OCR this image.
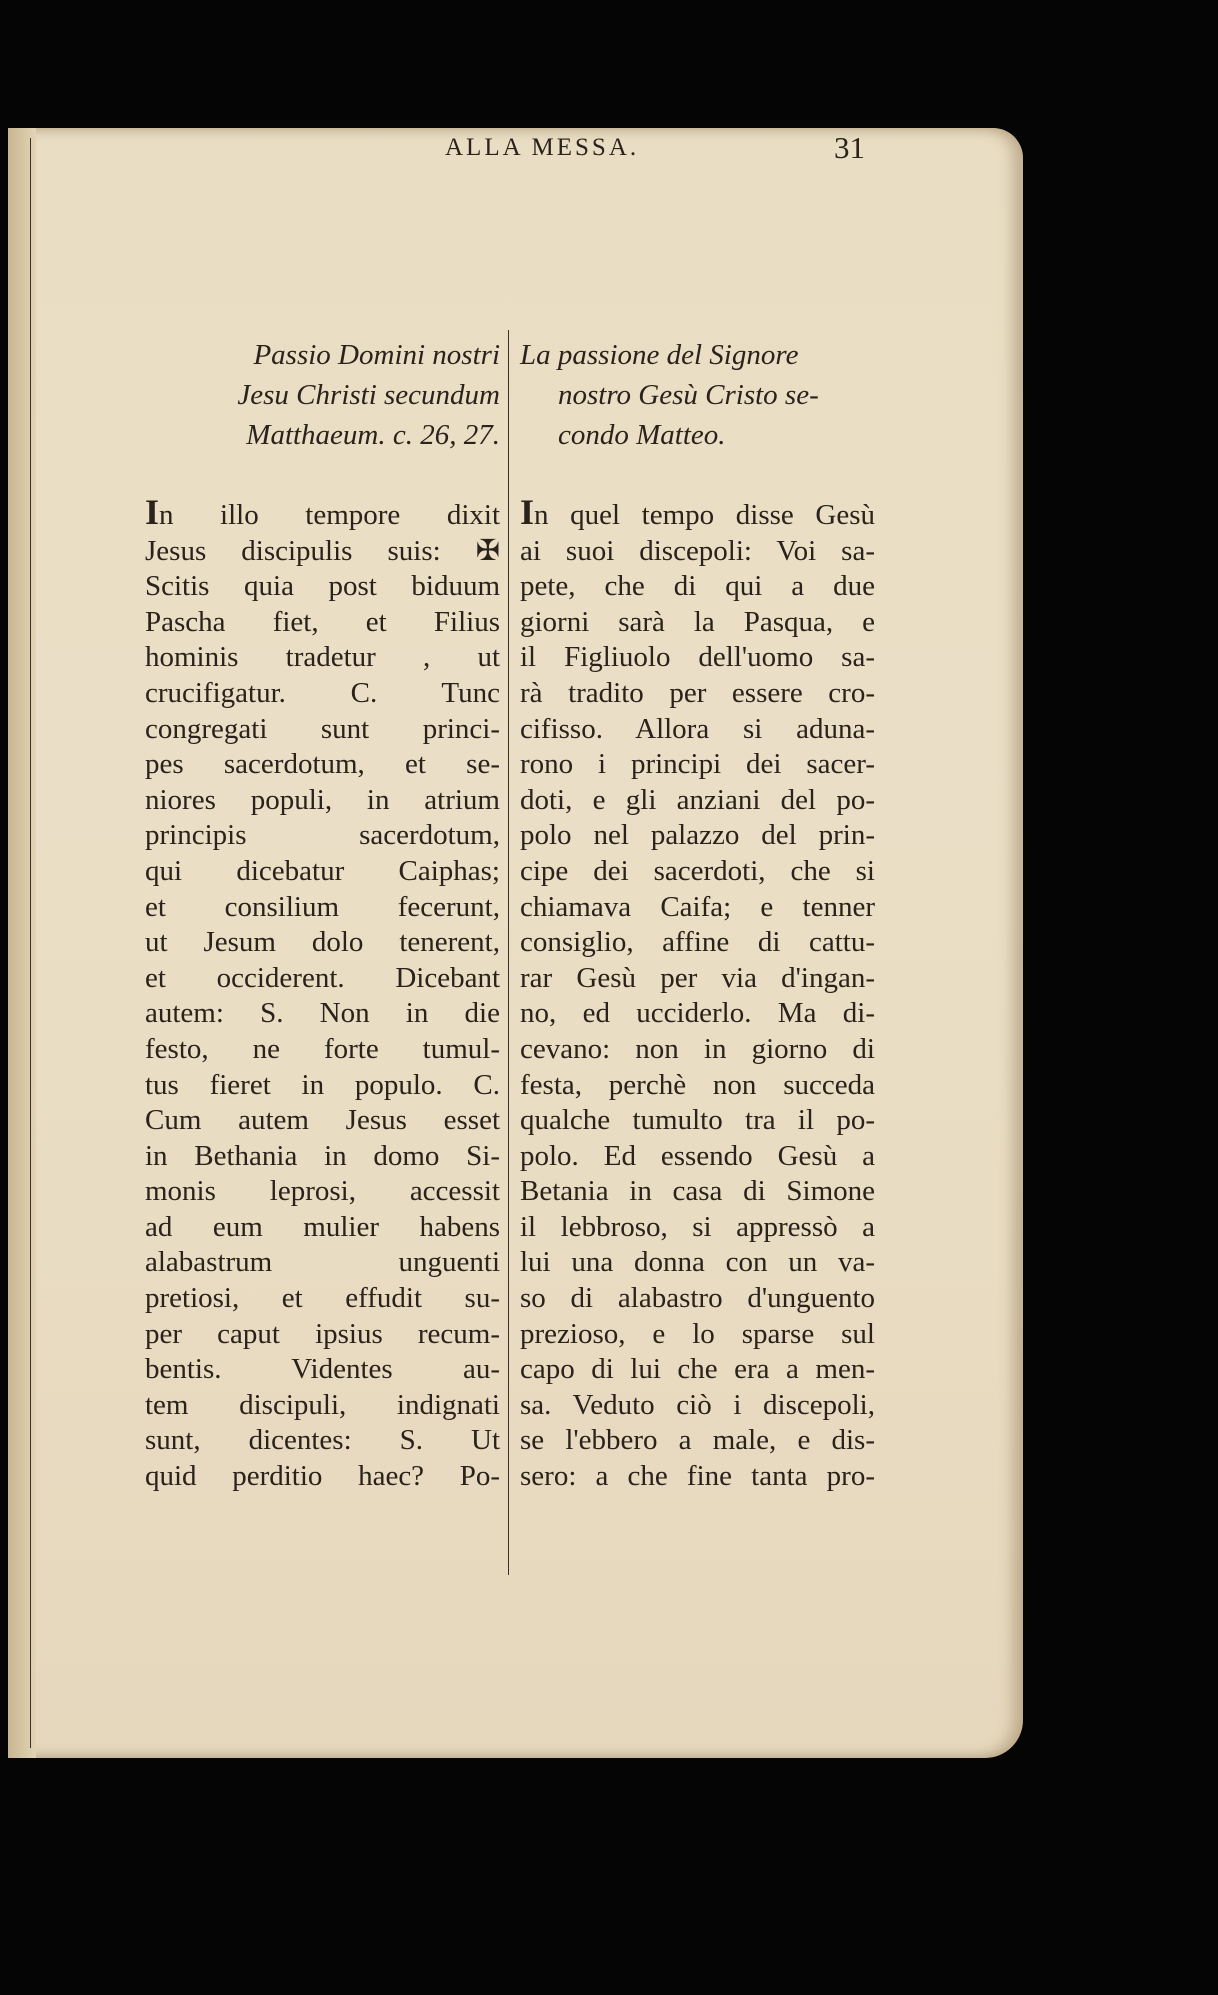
ALLA MESSA.	31
Passio Domini nostri
Jesu Christi secundum
Matthaeum. c. 26, 27.
In illo tempore dixit
Jesus discipulis suis: ✠
Scitis quia post biduum
Pascha fiet, et Filius
hominis tradetur , ut
crucifigatur. C. Tunc
congregati sunt princi-
pes sacerdotum, et se-
niores populi, in atrium
principis sacerdotum,
qui dicebatur Caiphas;
et consilium fecerunt,
ut Jesum dolo tenerent,
et occiderent. Dicebant
autem: S. Non in die
festo, ne forte tumul-
tus fieret in populo. C.
Cum autem Jesus esset
in Bethania in domo Si-
monis leprosi, accessit
ad eum mulier habens
alabastrum unguenti
pretiosi, et effudit su-
per caput ipsius recum-
bentis. Videntes au-
tem discipuli, indignati
sunt, dicentes: S. Ut
quid perditio haec? Po-
La passione del Signore
nostro Gesù Cristo se-
condo Matteo.
In quel tempo disse Gesù
ai suoi discepoli: Voi sa-
pete, che di qui a due
giorni sarà la Pasqua, e
il Figliuolo dell'uomo sa-
rà tradito per essere cro-
cifisso. Allora si aduna-
rono i principi dei sacer-
doti, e gli anziani del po-
polo nel palazzo del prin-
cipe dei sacerdoti, che si
chiamava Caifa; e tenner
consiglio, affine di cattu-
rar Gesù per via d'ingan-
no, ed ucciderlo. Ma di-
cevano: non in giorno di
festa, perchè non succeda
qualche tumulto tra il po-
polo. Ed essendo Gesù a
Betania in casa di Simone
il lebbroso, si appressò a
lui una donna con un va-
so di alabastro d'unguento
prezioso, e lo sparse sul
capo di lui che era a men-
sa. Veduto ciò i discepoli,
se l'ebbero a male, e dis-
sero: a che fine tanta pro-
